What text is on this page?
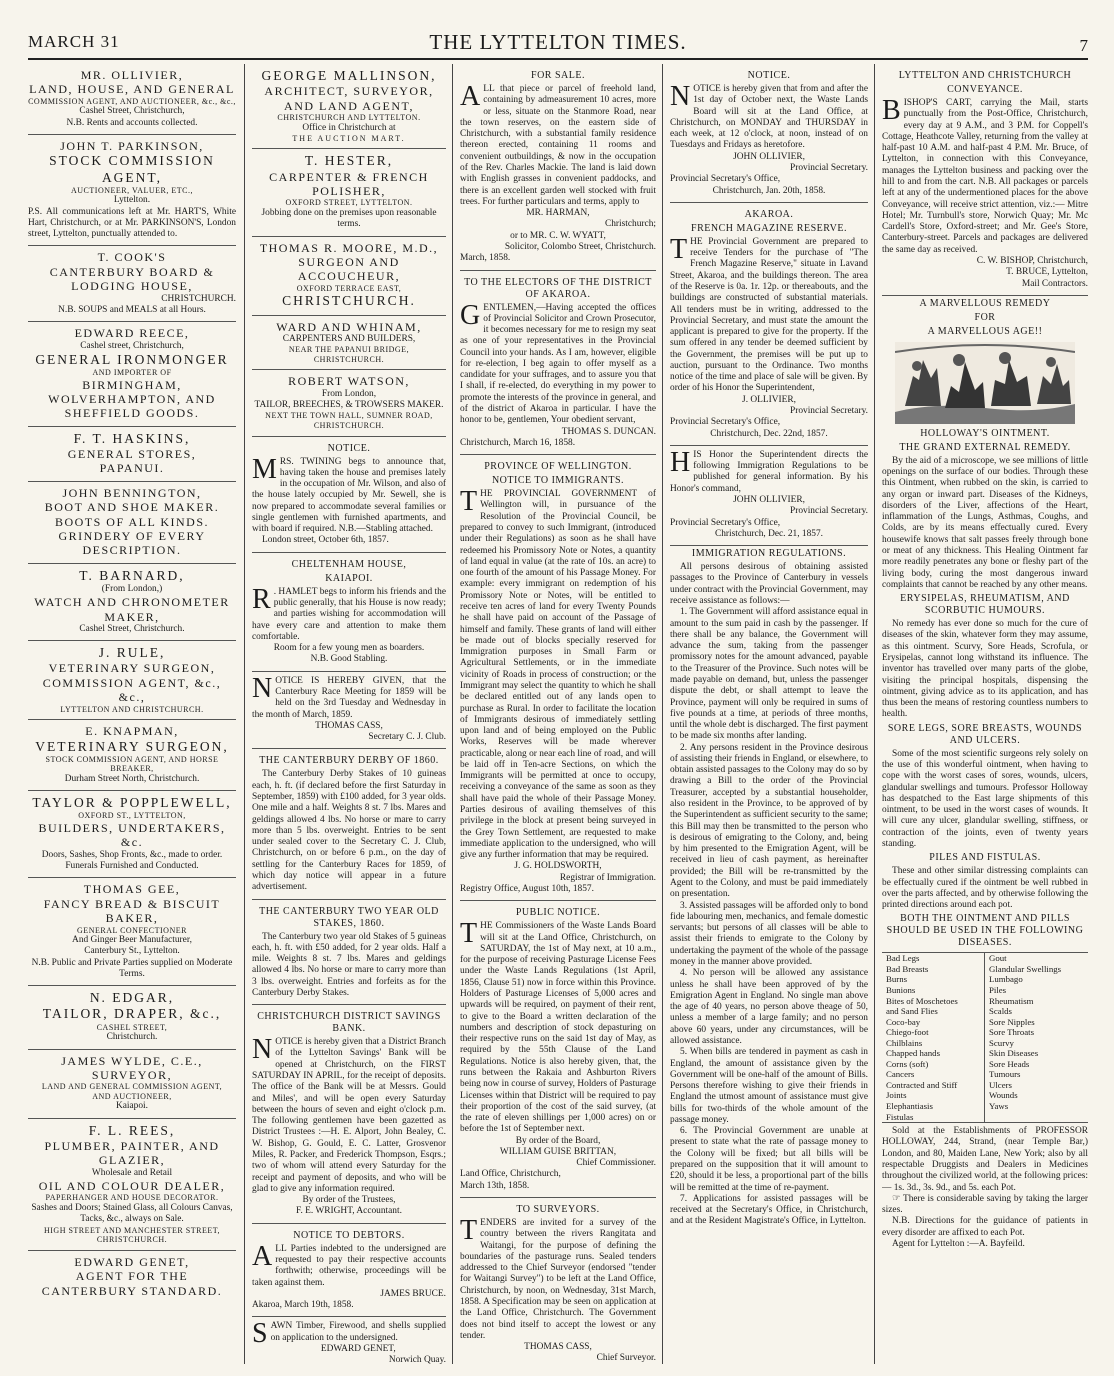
MARCH 31	THE LYTTELTON TIMES.	7

MR. OLLIVIER,

LAND, HOUSE, AND GENERAL

COMMISSION AGENT, AND AUCTIONEER, &c., &c.,

Cashel Street, Christchurch,

N.B. Rents and accounts collected.

JOHN T. PARKINSON,

STOCK COMMISSION AGENT,

AUCTIONEER, VALUER, ETC.,

Lyttelton.

P.S. All communications left at Mr. HART'S, White Hart, Christchurch, or at Mr. PARKINSON'S, London street, Lyttelton, punctually attended to.

T. COOK'S

CANTERBURY BOARD & LODGING HOUSE,

CHRISTCHURCH.

N.B. SOUPS and MEALS at all Hours.

EDWARD REECE,

Cashel street, Christchurch,

GENERAL IRONMONGER

AND IMPORTER OF

BIRMINGHAM, WOLVERHAMPTON, AND SHEFFIELD GOODS.

F. T. HASKINS,

GENERAL STORES,

PAPANUI.

JOHN BENNINGTON,

BOOT AND SHOE MAKER.

BOOTS OF ALL KINDS.

GRINDERY OF EVERY DESCRIPTION.

T. BARNARD,

(From London,)

WATCH AND CHRONOMETER MAKER,

Cashel Street, Christchurch.

J. RULE,

VETERINARY SURGEON, COMMISSION AGENT, &c., &c.,

LYTTELTON AND CHRISTCHURCH.

E. KNAPMAN,

VETERINARY SURGEON,

STOCK COMMISSION AGENT, AND HORSE BREAKER,

Durham Street North, Christchurch.

TAYLOR & POPPLEWELL,

OXFORD ST., LYTTELTON,

BUILDERS, UNDERTAKERS, &c.

Doors, Sashes, Shop Fronts, &c., made to order.

Funerals Furnished and Conducted.

THOMAS GEE,

FANCY BREAD & BISCUIT BAKER,

GENERAL CONFECTIONER

And Ginger Beer Manufacturer,

Canterbury St., Lyttelton.

N.B. Public and Private Parties supplied on Moderate Terms.

N. EDGAR,

TAILOR, DRAPER, &c.,

CASHEL STREET,

Christchurch.

JAMES WYLDE, C.E.,

SURVEYOR,

LAND AND GENERAL COMMISSION AGENT,

AND AUCTIONEER,

Kaiapoi.

F. L. REES,

PLUMBER, PAINTER, AND GLAZIER,

Wholesale and Retail

OIL AND COLOUR DEALER,

PAPERHANGER AND HOUSE DECORATOR.

Sashes and Doors; Stained Glass, all Colours Canvas, Tacks, &c., always on Sale.

HIGH STREET AND MANCHESTER STREET, CHRISTCHURCH.

EDWARD GENET,

AGENT FOR THE CANTERBURY STANDARD.

GEORGE MALLINSON,

ARCHITECT, SURVEYOR, AND LAND AGENT,

CHRISTCHURCH AND LYTTELTON.

Office in Christchurch at

THE AUCTION MART.

T. HESTER,

CARPENTER & FRENCH POLISHER,

OXFORD STREET, LYTTELTON.

Jobbing done on the premises upon reasonable terms.

THOMAS R. MOORE, M.D.,

SURGEON AND ACCOUCHEUR,

OXFORD TERRACE EAST,

CHRISTCHURCH.

WARD AND WHINAM,

CARPENTERS AND BUILDERS,

NEAR THE PAPANUI BRIDGE,

CHRISTCHURCH.

ROBERT WATSON,

From London,

TAILOR, BREECHES, & TROWSERS MAKER.

NEXT THE TOWN HALL, SUMNER ROAD, CHRISTCHURCH.

NOTICE.

MRS. TWINING begs to announce that, having taken the house and premises lately in the occupation of Mr. Wilson, and also of the house lately occupied by Mr. Sewell, she is now prepared to accommodate several families or single gentlemen with furnished apartments, and with board if required. N.B.—Stabling attached.

London street, October 6th, 1857.

CHELTENHAM HOUSE,

KAIAPOI.

R . HAMLET begs to inform his friends and the public generally, that his House is now ready; and parties wishing for accommodation will have every care and attention to make them comfortable.

Room for a few young men as boarders.

N.B. Good Stabling.

NOTICE IS HEREBY GIVEN, that the Canterbury Race Meeting for 1859 will be held on the 3rd Tuesday and Wednesday in the month of March, 1859.

THOMAS CASS,

Secretary C. J. Club.

THE CANTERBURY DERBY OF 1860.

The Canterbury Derby Stakes of 10 guineas each, h. ft. (if declared before the first Saturday in September, 1859) with £100 added, for 3 year olds. One mile and a half. Weights 8 st. 7 lbs. Mares and geldings allowed 4 lbs. No horse or mare to carry more than 5 lbs. overweight. Entries to be sent under sealed cover to the Secretary C. J. Club, Christchurch, on or before 6 p.m., on the day of settling for the Canterbury Races for 1859, of which day notice will appear in a future advertisement.

THE CANTERBURY TWO YEAR OLD STAKES, 1860.

The Canterbury two year old Stakes of 5 guineas each, h. ft. with £50 added, for 2 year olds. Half a mile. Weights 8 st. 7 lbs. Mares and geldings allowed 4 lbs. No horse or mare to carry more than 3 lbs. overweight. Entries and forfeits as for the Canterbury Derby Stakes.

CHRISTCHURCH DISTRICT SAVINGS BANK.

NOTICE is hereby given that a District Branch of the Lyttelton Savings' Bank will be opened at Christchurch, on the FIRST SATURDAY IN APRIL, for the receipt of deposits. The office of the Bank will be at Messrs. Gould and Miles', and will be open every Saturday between the hours of seven and eight o'clock p.m. The following gentlemen have been gazetted as District Trustees :—H. E. Alport, John Bealey, C. W. Bishop, G. Gould, E. C. Latter, Grosvenor Miles, R. Packer, and Frederick Thompson, Esqrs.; two of whom will attend every Saturday for the receipt and payment of deposits, and who will be glad to give any information required.

By order of the Trustees,

F. E. WRIGHT, Accountant.

NOTICE TO DEBTORS.

ALL Parties indebted to the undersigned are requested to pay their respective accounts forthwith; otherwise, proceedings will be taken against them.

JAMES BRUCE.

Akaroa, March 19th, 1858.

SAWN Timber, Firewood, and shells supplied on application to the undersigned.

EDWARD GENET,

Norwich Quay.

FOR SALE.

ALL that piece or parcel of freehold land, containing by admeasurement 10 acres, more or less, situate on the Stanmore Road, near the town reserves, on the eastern side of Christchurch, with a substantial family residence thereon erected, containing 11 rooms and convenient outbuildings, & now in the occupation of the Rev. Charles Mackie. The land is laid down with English grasses in convenient paddocks, and there is an excellent garden well stocked with fruit trees. For further particulars and terms, apply to

MR. HARMAN,

Christchurch;

or to MR. C. W. WYATT,

Solicitor, Colombo Street, Christchurch.

March, 1858.

TO THE ELECTORS OF THE DISTRICT OF AKAROA.

GENTLEMEN,—Having accepted the offices of Provincial Solicitor and Crown Prosecutor, it becomes necessary for me to resign my seat as one of your representatives in the Provincial Council into your hands. As I am, however, eligible for re-election, I beg again to offer myself as a candidate for your suffrages, and to assure you that I shall, if re-elected, do everything in my power to promote the interests of the province in general, and of the district of Akaroa in particular. I have the honor to be, gentlemen, Your obedient servant,

THOMAS S. DUNCAN.

Christchurch, March 16, 1858.

PROVINCE OF WELLINGTON.

NOTICE TO IMMIGRANTS.

THE PROVINCIAL GOVERNMENT of Wellington will, in pursuance of the Resolution of the Provincial Council, be prepared to convey to such Immigrant, (introduced under their Regulations) as soon as he shall have redeemed his Promissory Note or Notes, a quantity of land equal in value (at the rate of 10s. an acre) to one fourth of the amount of his Passage Money. For example: every immigrant on redemption of his Promissory Note or Notes, will be entitled to receive ten acres of land for every Twenty Pounds he shall have paid on account of the Passage of himself and family. These grants of land will either be made out of blocks specially reserved for Immigration purposes in Small Farm or Agricultural Settlements, or in the immediate vicinity of Roads in process of construction; or the Immigrant may select the quantity to which he shall be declared entitled out of any lands open to purchase as Rural. In order to facilitate the location of Immigrants desirous of immediately settling upon land and of being employed on the Public Works, Reserves will be made wherever practicable, along or near each line of road, and will be laid off in Ten-acre Sections, on which the Immigrants will be permitted at once to occupy, receiving a conveyance of the same as soon as they shall have paid the whole of their Passage Money. Parties desirous of availing themselves of this privilege in the block at present being surveyed in the Grey Town Settlement, are requested to make immediate application to the undersigned, who will give any further information that may be required.

J. G. HOLDSWORTH,

Registrar of Immigration.

Registry Office, August 10th, 1857.

PUBLIC NOTICE.

THE Commissioners of the Waste Lands Board will sit at the Land Office, Christchurch, on SATURDAY, the 1st of May next, at 10 a.m., for the purpose of receiving Pasturage License Fees under the Waste Lands Regulations (1st April, 1856, Clause 51) now in force within this Province. Holders of Pasturage Licenses of 5,000 acres and upwards will be required, on payment of their rent, to give to the Board a written declaration of the numbers and description of stock depasturing on their respective runs on the said 1st day of May, as required by the 55th Clause of the Land Regulations. Notice is also hereby given, that, the runs between the Rakaia and Ashburton Rivers being now in course of survey, Holders of Pasturage Licenses within that District will be required to pay their proportion of the cost of the said survey, (at the rate of eleven shillings per 1,000 acres) on or before the 1st of September next.

By order of the Board,

WILLIAM GUISE BRITTAN,

Chief Commissioner.

Land Office, Christchurch,

March 13th, 1858.

TO SURVEYORS.

TENDERS are invited for a survey of the country between the rivers Rangitata and Waitangi, for the purpose of defining the boundaries of the pasturage runs. Sealed tenders addressed to the Chief Surveyor (endorsed "tender for Waitangi Survey") to be left at the Land Office, Christchurch, by noon, on Wednesday, 31st March, 1858. A Specification may be seen on application at the Land Office, Christchurch. The Government does not bind itself to accept the lowest or any tender.

THOMAS CASS,

Chief Surveyor.

NOTICE.

NOTICE is hereby given that from and after the 1st day of October next, the Waste Lands Board will sit at the Land Office, at Christchurch, on MONDAY and THURSDAY in each week, at 12 o'clock, at noon, instead of on Tuesdays and Fridays as heretofore.

JOHN OLLIVIER,

Provincial Secretary.

Provincial Secretary's Office,

Christchurch, Jan. 20th, 1858.

AKAROA.

FRENCH MAGAZINE RESERVE.

THE Provincial Government are prepared to receive Tenders for the purchase of "The French Magazine Reserve," situate in Lavand Street, Akaroa, and the buildings thereon. The area of the Reserve is 0a. 1r. 12p. or thereabouts, and the buildings are constructed of substantial materials. All tenders must be in writing, addressed to the Provincial Secretary, and must state the amount the applicant is prepared to give for the property. If the sum offered in any tender be deemed sufficient by the Government, the premises will be put up to auction, pursuant to the Ordinance. Two months notice of the time and place of sale will be given. By order of his Honor the Superintendent,

J. OLLIVIER,

Provincial Secretary.

Provincial Secretary's Office,

Christchurch, Dec. 22nd, 1857.

HIS Honor the Superintendent directs the following Immigration Regulations to be published for general information. By his Honor's command,

JOHN OLLIVIER,

Provincial Secretary.

Provincial Secretary's Office,

Christchurch, Dec. 21, 1857.

IMMIGRATION REGULATIONS.

All persons desirous of obtaining assisted passages to the Province of Canterbury in vessels under contract with the Provincial Government, may receive assistance as follows:—

1. The Government will afford assistance equal in amount to the sum paid in cash by the passenger. If there shall be any balance, the Government will advance the sum, taking from the passenger promissory notes for the amount advanced, payable to the Treasurer of the Province. Such notes will be made payable on demand, but, unless the passenger dispute the debt, or shall attempt to leave the Province, payment will only be required in sums of five pounds at a time, at periods of three months, until the whole debt is discharged. The first payment to be made six months after landing.

2. Any persons resident in the Province desirous of assisting their friends in England, or elsewhere, to obtain assisted passages to the Colony may do so by drawing a Bill to the order of the Provincial Treasurer, accepted by a substantial householder, also resident in the Province, to be approved of by the Superintendent as sufficient security to the same; this Bill may then be transmitted to the person who is desirous of emigrating to the Colony, and, being by him presented to the Emigration Agent, will be received in lieu of cash payment, as hereinafter provided; the Bill will be re-transmitted by the Agent to the Colony, and must be paid immediately on presentation.

3. Assisted passages will be afforded only to bond fide labouring men, mechanics, and female domestic servants; but persons of all classes will be able to assist their friends to emigrate to the Colony by undertaking the payment of the whole of the passage money in the manner above provided.

4. No person will be allowed any assistance unless he shall have been approved of by the Emigration Agent in England. No single man above the age of 40 years, no person above theage of 50, unless a member of a large family; and no person above 60 years, under any circumstances, will be allowed assistance.

5. When bills are tendered in payment as cash in England, the amount of assistance given by the Government will be one-half of the amount of Bills. Persons therefore wishing to give their friends in England the utmost amount of assistance must give bills for two-thirds of the whole amount of the passage money.

6. The Provincial Government are unable at present to state what the rate of passage money to the Colony will be fixed; but all bills will be prepared on the supposition that it will amount to £20, should it be less, a proportional part of the bills will be remitted at the time of re-payment.

7. Applications for assisted passages will be received at the Secretary's Office, in Christchurch, and at the Resident Magistrate's Office, in Lyttelton.

LYTTELTON AND CHRISTCHURCH

CONVEYANCE.

BISHOP'S CART, carrying the Mail, starts punctually from the Post-Office, Christchurch, every day at 9 A.M., and 3 P.M. for Coppell's Cottage, Heathcote Valley, returning from the valley at half-past 10 A.M. and half-past 4 P.M. Mr. Bruce, of Lyttelton, in connection with this Conveyance, manages the Lyttelton business and packing over the hill to and from the cart. N.B. All packages or parcels left at any of the undermentioned places for the above Conveyance, will receive strict attention, viz.:— Mitre Hotel; Mr. Turnbull's store, Norwich Quay; Mr. Mc Cardell's Store, Oxford-street; and Mr. Gee's Store, Canterbury-street. Parcels and packages are delivered the same day as received.

C. W. BISHOP, Christchurch,

T. BRUCE, Lyttelton,

Mail Contractors.

A MARVELLOUS REMEDY

FOR

A MARVELLOUS AGE!!

HOLLOWAY'S OINTMENT.

THE GRAND EXTERNAL REMEDY.

By the aid of a microscope, we see millions of little openings on the surface of our bodies. Through these this Ointment, when rubbed on the skin, is carried to any organ or inward part. Diseases of the Kidneys, disorders of the Liver, affections of the Heart, inflammation of the Lungs, Asthmas, Coughs, and Colds, are by its means effectually cured. Every housewife knows that salt passes freely through bone or meat of any thickness. This Healing Ointment far more readily penetrates any bone or fleshy part of the living body, curing the most dangerous inward complaints that cannot be reached by any other means.

ERYSIPELAS, RHEUMATISM, AND SCORBUTIC HUMOURS.

No remedy has ever done so much for the cure of diseases of the skin, whatever form they may assume, as this ointment. Scurvy, Sore Heads, Scrofula, or Erysipelas, cannot long withstand its influence. The inventor has travelled over many parts of the globe, visiting the principal hospitals, dispensing the ointment, giving advice as to its application, and has thus been the means of restoring countless numbers to health.

SORE LEGS, SORE BREASTS, WOUNDS AND ULCERS.

Some of the most scientific surgeons rely solely on the use of this wonderful ointment, when having to cope with the worst cases of sores, wounds, ulcers, glandular swellings and tumours. Professor Holloway has despatched to the East large shipments of this ointment, to be used in the worst cases of wounds. It will cure any ulcer, glandular swelling, stiffness, or contraction of the joints, even of twenty years standing.

PILES AND FISTULAS.

These and other similar distressing complaints can be effectually cured if the ointment be well rubbed in over the parts affected, and by otherwise following the printed directions around each pot.

BOTH THE OINTMENT AND PILLS SHOULD BE USED IN THE FOLLOWING DISEASES.

Bad Legs
Bad Breasts
Burns
Bunions
Bites of Moschetoes
and Sand Flies
Coco-bay
Chiego-foot
Chilblains
Chapped hands
Corns (soft)
Cancers
Contracted and Stiff
Joints
Elephantiasis
Fistulas
Gout
Glandular Swellings
Lumbago
Piles
Rheumatism
Scalds
Sore Nipples
Sore Throats
Scurvy
Skin Diseases
Sore Heads
Tumours
Ulcers
Wounds
Yaws

Sold at the Establishments of PROFESSOR HOLLOWAY, 244, Strand, (near Temple Bar,) London, and 80, Maiden Lane, New York; also by all respectable Druggists and Dealers in Medicines throughout the civilized world, at the following prices:— 1s. 3d., 3s. 9d., and 5s. each Pot.

☞ There is considerable saving by taking the larger sizes.

N.B. Directions for the guidance of patients in every disorder are affixed to each Pot.

Agent for Lyttelton :—A. Bayfeild.
